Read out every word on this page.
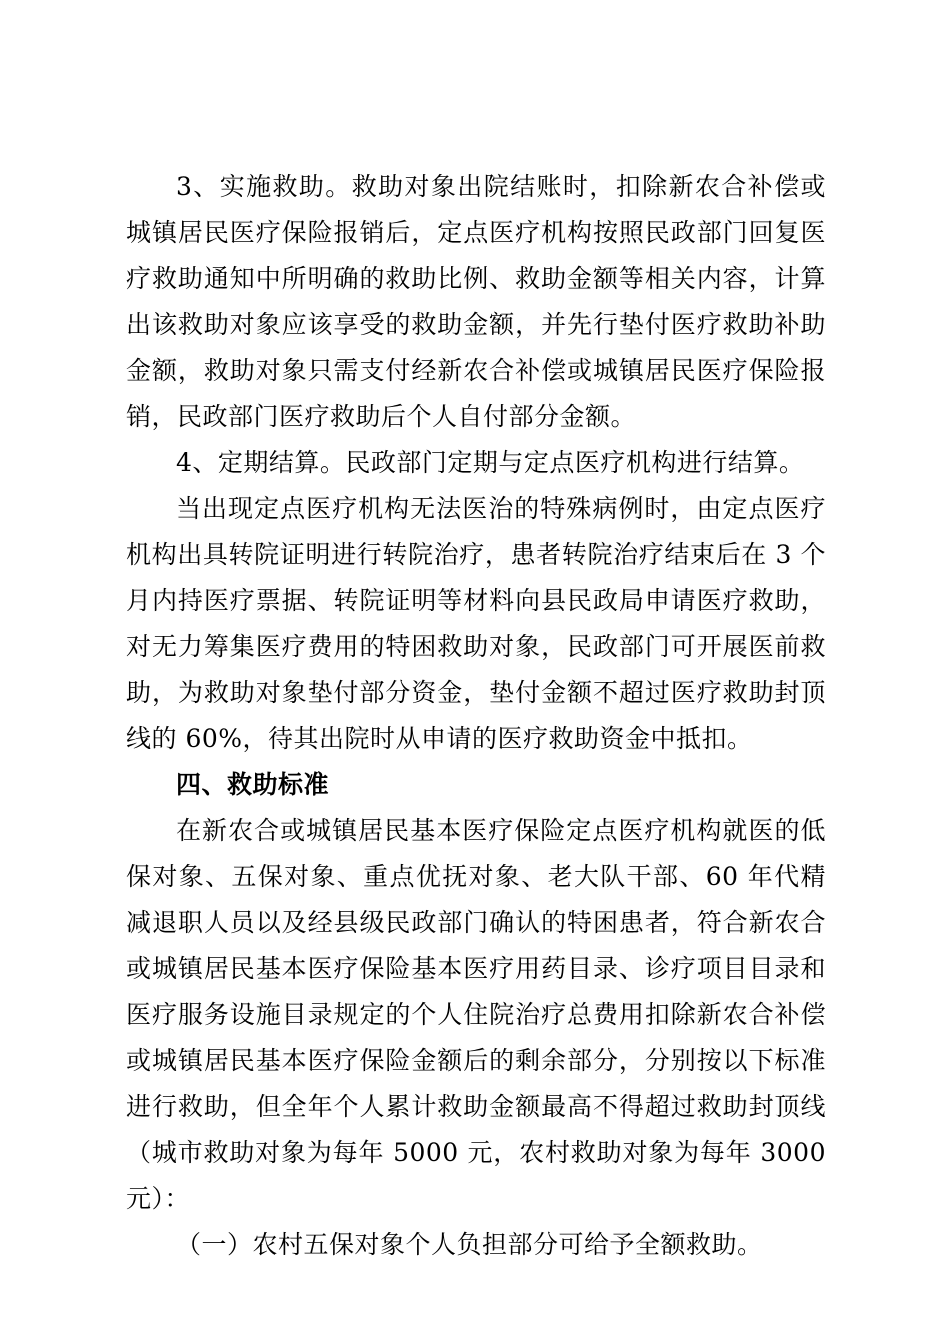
3、实施救助。救助对象出院结账时，扣除新农合补偿或城镇居民医疗保险报销后，定点医疗机构按照民政部门回复医疗救助通知中所明确的救助比例、救助金额等相关内容，计算出该救助对象应该享受的救助金额，并先行垫付医疗救助补助金额，救助对象只需支付经新农合补偿或城镇居民医疗保险报销，民政部门医疗救助后个人自付部分金额。

4、定期结算。民政部门定期与定点医疗机构进行结算。

当出现定点医疗机构无法医治的特殊病例时，由定点医疗机构出具转院证明进行转院治疗，患者转院治疗结束后在 3 个月内持医疗票据、转院证明等材料向县民政局申请医疗救助，对无力筹集医疗费用的特困救助对象，民政部门可开展医前救助，为救助对象垫付部分资金，垫付金额不超过医疗救助封顶线的 60%，待其出院时从申请的医疗救助资金中抵扣。

四、救助标准

在新农合或城镇居民基本医疗保险定点医疗机构就医的低保对象、五保对象、重点优抚对象、老大队干部、60 年代精减退职人员以及经县级民政部门确认的特困患者，符合新农合或城镇居民基本医疗保险基本医疗用药目录、诊疗项目目录和医疗服务设施目录规定的个人住院治疗总费用扣除新农合补偿或城镇居民基本医疗保险金额后的剩余部分，分别按以下标准进行救助，但全年个人累计救助金额最高不得超过救助封顶线（城市救助对象为每年 5000 元，农村救助对象为每年 3000 元）：

（一）农村五保对象个人负担部分可给予全额救助。
